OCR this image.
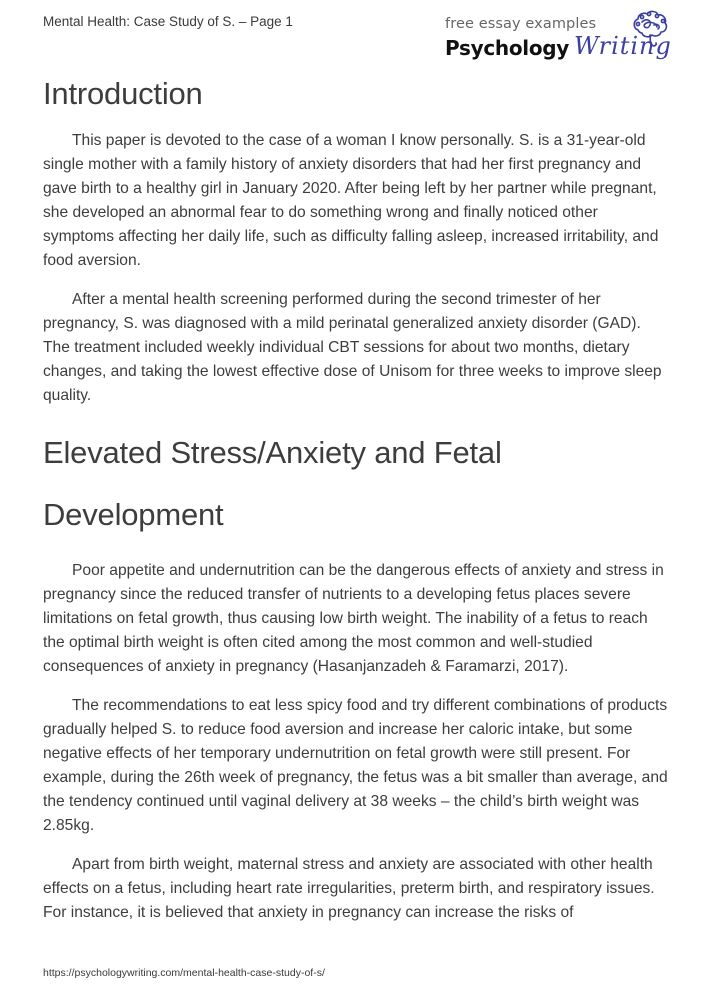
Mental Health: Case Study of S. – Page 1	free essay examples
Psychology Writing
Introduction

This paper is devoted to the case of a woman I know personally. S. is a 31-year-old single mother with a family history of anxiety disorders that had her first pregnancy and gave birth to a healthy girl in January 2020. After being left by her partner while pregnant, she developed an abnormal fear to do something wrong and finally noticed other symptoms affecting her daily life, such as difficulty falling asleep, increased irritability, and food aversion.

After a mental health screening performed during the second trimester of her pregnancy, S. was diagnosed with a mild perinatal generalized anxiety disorder (GAD). The treatment included weekly individual CBT sessions for about two months, dietary changes, and taking the lowest effective dose of Unisom for three weeks to improve sleep quality.

Elevated Stress/Anxiety and Fetal Development

Poor appetite and undernutrition can be the dangerous effects of anxiety and stress in pregnancy since the reduced transfer of nutrients to a developing fetus places severe limitations on fetal growth, thus causing low birth weight. The inability of a fetus to reach the optimal birth weight is often cited among the most common and well-studied consequences of anxiety in pregnancy (Hasanjanzadeh & Faramarzi, 2017).

The recommendations to eat less spicy food and try different combinations of products gradually helped S. to reduce food aversion and increase her caloric intake, but some negative effects of her temporary undernutrition on fetal growth were still present. For example, during the 26th week of pregnancy, the fetus was a bit smaller than average, and the tendency continued until vaginal delivery at 38 weeks – the child’s birth weight was 2.85kg.

Apart from birth weight, maternal stress and anxiety are associated with other health effects on a fetus, including heart rate irregularities, preterm birth, and respiratory issues. For instance, it is believed that anxiety in pregnancy can increase the risks of

https://psychologywriting.com/mental-health-case-study-of-s/
